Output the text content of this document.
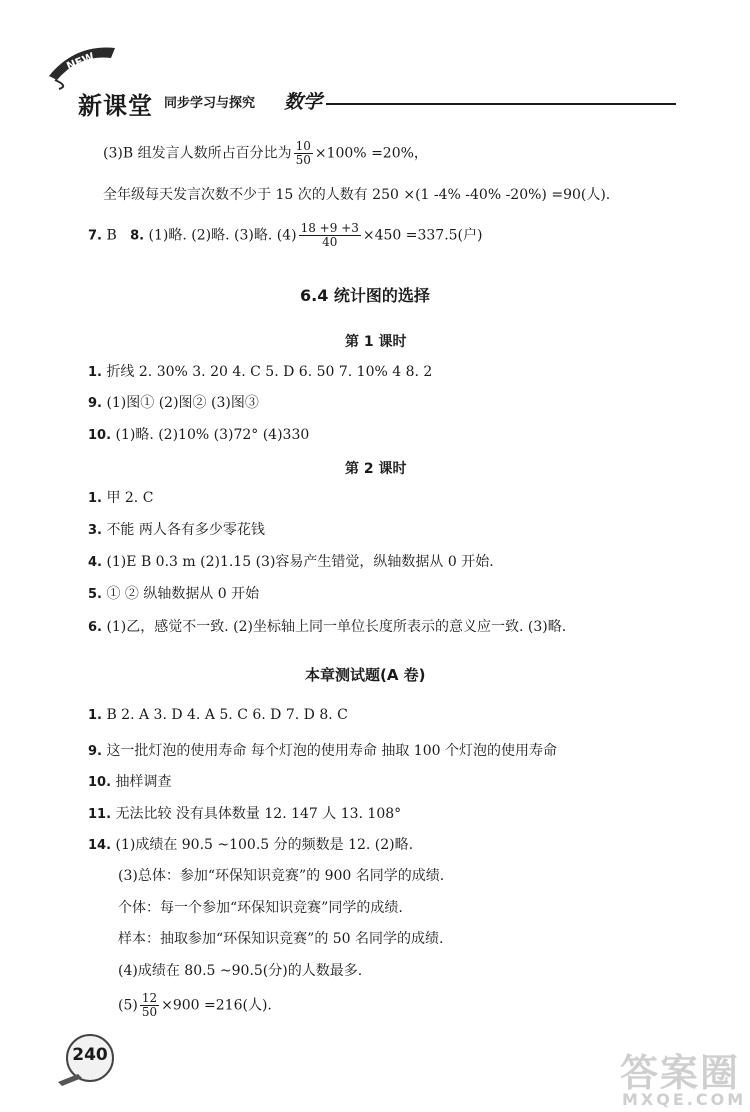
NEW
新课堂 同步学习与探究 数学
(3)B 组发言人数所占百分比为 $\frac{10}{50} \times 100\% =20\%$，
全年级每天发言次数不少于 15 次的人数有 250 ×(1 -4% -40% -20%) =90(人).
7. B 8. (1)略. (2)略. (3)略. $(4) \frac{18 +9 +3}{40} \times 450 =337.5$(户)
6.4 统计图的选择
第 1 课时
1. 折线 2. 30% 3. 20 4. C 5. D 6. 50 7. 10% 4 8. 2
9. (1)图① (2)图② (3)图③
10. (1)略. (2)10% (3)72° (4)330
第 2 课时
1. 甲 2. C
3. 不能 两人各有多少零花钱
4. (1)E B 0.3 m (2)1.15 (3)容易产生错觉，纵轴数据从 0 开始.
5. ① ② 纵轴数据从 0 开始
6. (1)乙，感觉不一致. (2)坐标轴上同一单位长度所表示的意义应一致. (3)略.
本章测试题(A 卷)
1. B 2. A 3. D 4. A 5. C 6. D 7. D 8. C
9. 这一批灯泡的使用寿命 每个灯泡的使用寿命 抽取 100 个灯泡的使用寿命
10. 抽样调查
11. 无法比较 没有具体数量 12. 147 人 13. 108°
14. (1)成绩在 90.5 ~100.5 分的频数是 12. (2)略.
(3)总体：参加“环保知识竞赛”的 900 名同学的成绩.
个体：每一个参加“环保知识竞赛”同学的成绩.
样本：抽取参加“环保知识竞赛”的 50 名同学的成绩.
(4)成绩在 80.5 ~90.5(分)的人数最多.
$(5) \frac{12}{50} \times 900 =216$(人).
240	答案圈
MXQE.COM
